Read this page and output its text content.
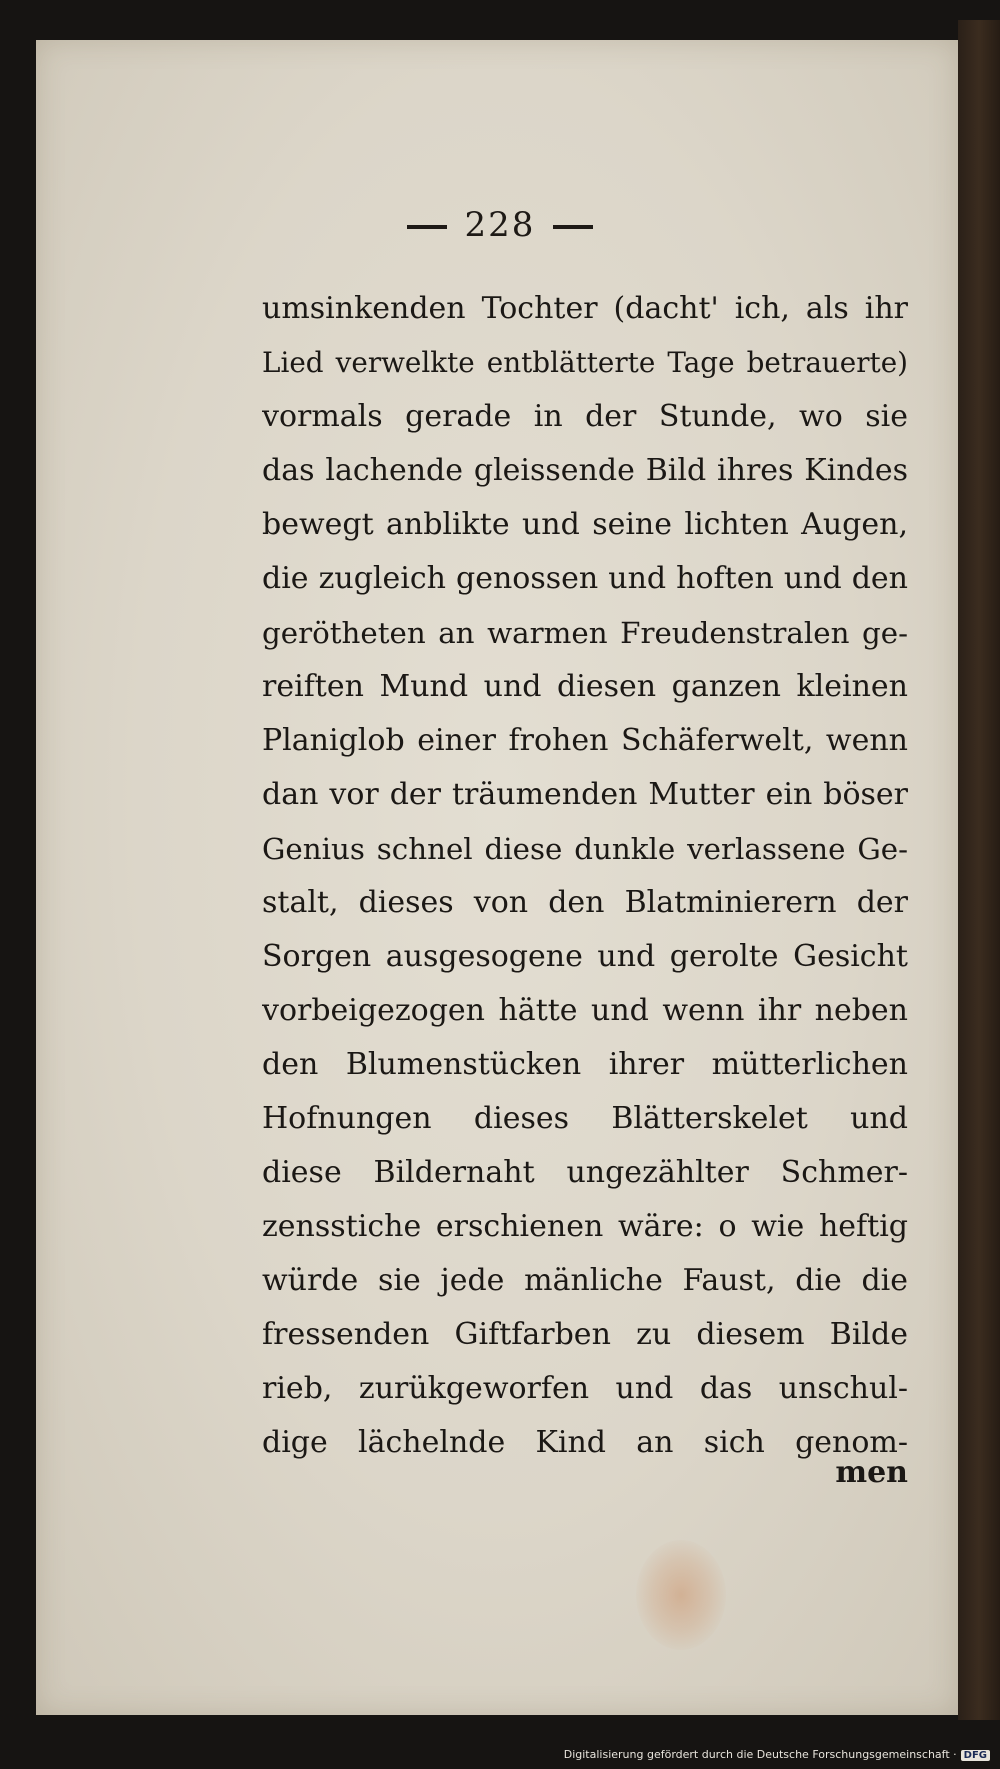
228
umsinkenden Tochter (dacht' ich, als ihr
Lied verwelkte entblätterte Tage betrauerte)
vormals gerade in der Stunde, wo sie
das lachende gleissende Bild ihres Kindes
bewegt anblikte und seine lichten Augen,
die zugleich genossen und hoften und den
gerötheten an warmen Freudenstralen ge-
reiften Mund und diesen ganzen kleinen
Planiglob einer frohen Schäferwelt, wenn
dan vor der träumenden Mutter ein böser
Genius schnel diese dunkle verlassene Ge-
stalt, dieses von den Blatminierern der
Sorgen ausgesogene und gerolte Gesicht
vorbeigezogen hätte und wenn ihr neben
den Blumenstücken ihrer mütterlichen
Hofnungen dieses Blätterskelet und
diese Bildernaht ungezählter Schmer-
zensstiche erschienen wäre: o wie heftig
würde sie jede mänliche Faust, die die
fressenden Giftfarben zu diesem Bilde
rieb, zurükgeworfen und das unschul-
dige lächelnde Kind an sich genom-
men
Digitalisierung gefördert durch die Deutsche Forschungsgemeinschaft · DFG
